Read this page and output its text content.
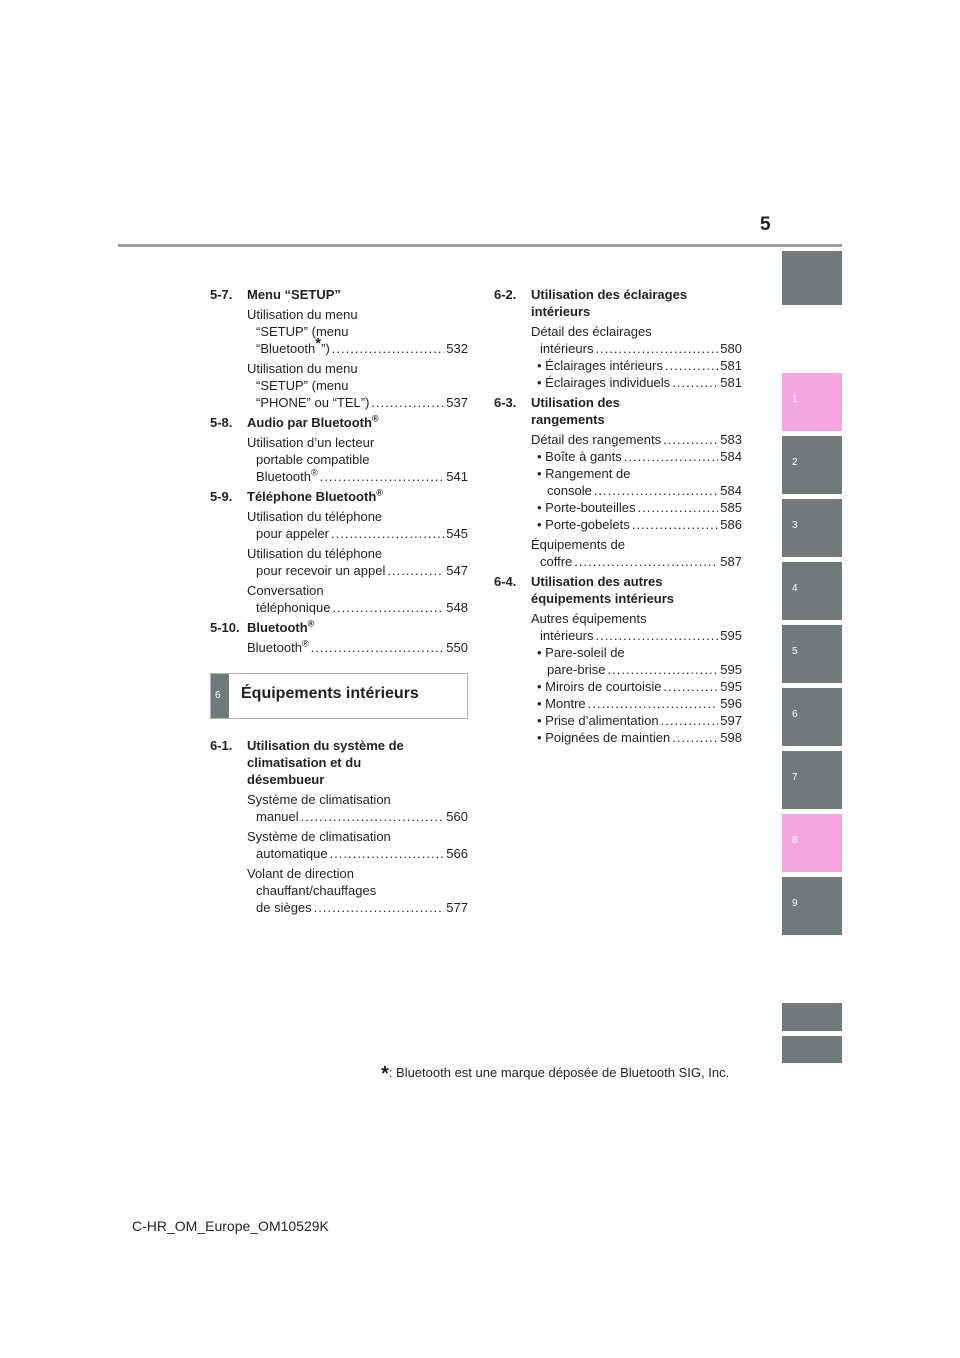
5
1
2
3
4
5
6
7
8
9
5-7. Menu “SETUP”
Utilisation du menu
“SETUP” (menu
“Bluetooth*”) .....	532
Utilisation du menu
“SETUP” (menu
“PHONE” ou “TEL”) .....	537
5-8. Audio par Bluetooth®
Utilisation d’un lecteur
portable compatible
Bluetooth® .....	541
5-9. Téléphone Bluetooth®
Utilisation du téléphone
pour appeler .....	545
Utilisation du téléphone
pour recevoir un appel .....	547
Conversation
téléphonique .....	548
5-10. Bluetooth®
Bluetooth® .....	550
6 Équipements intérieurs
6-1. Utilisation du système de
climatisation et du
désembueur
Système de climatisation
manuel .....	560
Système de climatisation
automatique .....	566
Volant de direction
chauffant/chauffages
de sièges .....	577
6-2. Utilisation des éclairages
intérieurs
Détail des éclairages
intérieurs .....	580
• Éclairages intérieurs .....	581
• Éclairages individuels .....	581
6-3. Utilisation des
rangements
Détail des rangements .....	583
• Boîte à gants .....	584
• Rangement de
console .....	584
• Porte-bouteilles .....	585
• Porte-gobelets .....	586
Équipements de
coffre .....	587
6-4. Utilisation des autres
équipements intérieurs
Autres équipements
intérieurs .....	595
• Pare-soleil de
pare-brise .....	595
• Miroirs de courtoisie .....	595
• Montre .....	596
• Prise d’alimentation .....	597
• Poignées de maintien .....	598
*: Bluetooth est une marque déposée de Bluetooth SIG, Inc.
C-HR_OM_Europe_OM10529K
